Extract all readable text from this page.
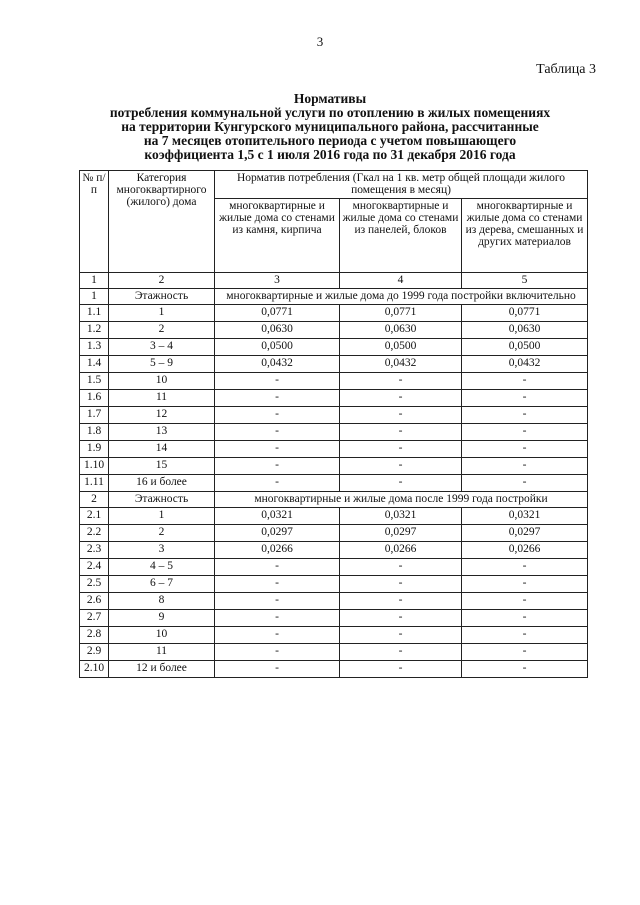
3
Таблица 3
Нормативы
потребления коммунальной услуги по отоплению в жилых помещениях
на территории Кунгурского муниципального района, рассчитанные
на 7 месяцев отопительного периода с учетом повышающего
коэффициента 1,5 с 1 июля 2016 года по 31 декабря 2016 года
№ п/п	Категория многоквартирного (жилого) дома	Норматив потребления (Гкал на 1 кв. метр общей площади жилого помещения в месяц)		
		многоквартирные и жилые дома со стенами из камня, кирпича	многоквартирные и жилые дома со стенами из панелей, блоков	многоквартирные и жилые дома со стенами из дерева, смешанных и других материалов
1	2	3	4	5
1	Этажность	многоквартирные и жилые дома до 1999 года постройки включительно		
1.1	1	0,0771	0,0771	0,0771
1.2	2	0,0630	0,0630	0,0630
1.3	3 – 4	0,0500	0,0500	0,0500
1.4	5 – 9	0,0432	0,0432	0,0432
1.5	10	-	-	-
1.6	11	-	-	-
1.7	12	-	-	-
1.8	13	-	-	-
1.9	14	-	-	-
1.10	15	-	-	-
1.11	16 и более	-	-	-
2	Этажность	многоквартирные и жилые дома после 1999 года постройки		
2.1	1	0,0321	0,0321	0,0321
2.2	2	0,0297	0,0297	0,0297
2.3	3	0,0266	0,0266	0,0266
2.4	4 – 5	-	-	-
2.5	6 – 7	-	-	-
2.6	8	-	-	-
2.7	9	-	-	-
2.8	10	-	-	-
2.9	11	-	-	-
2.10	12 и более	-	-	-
